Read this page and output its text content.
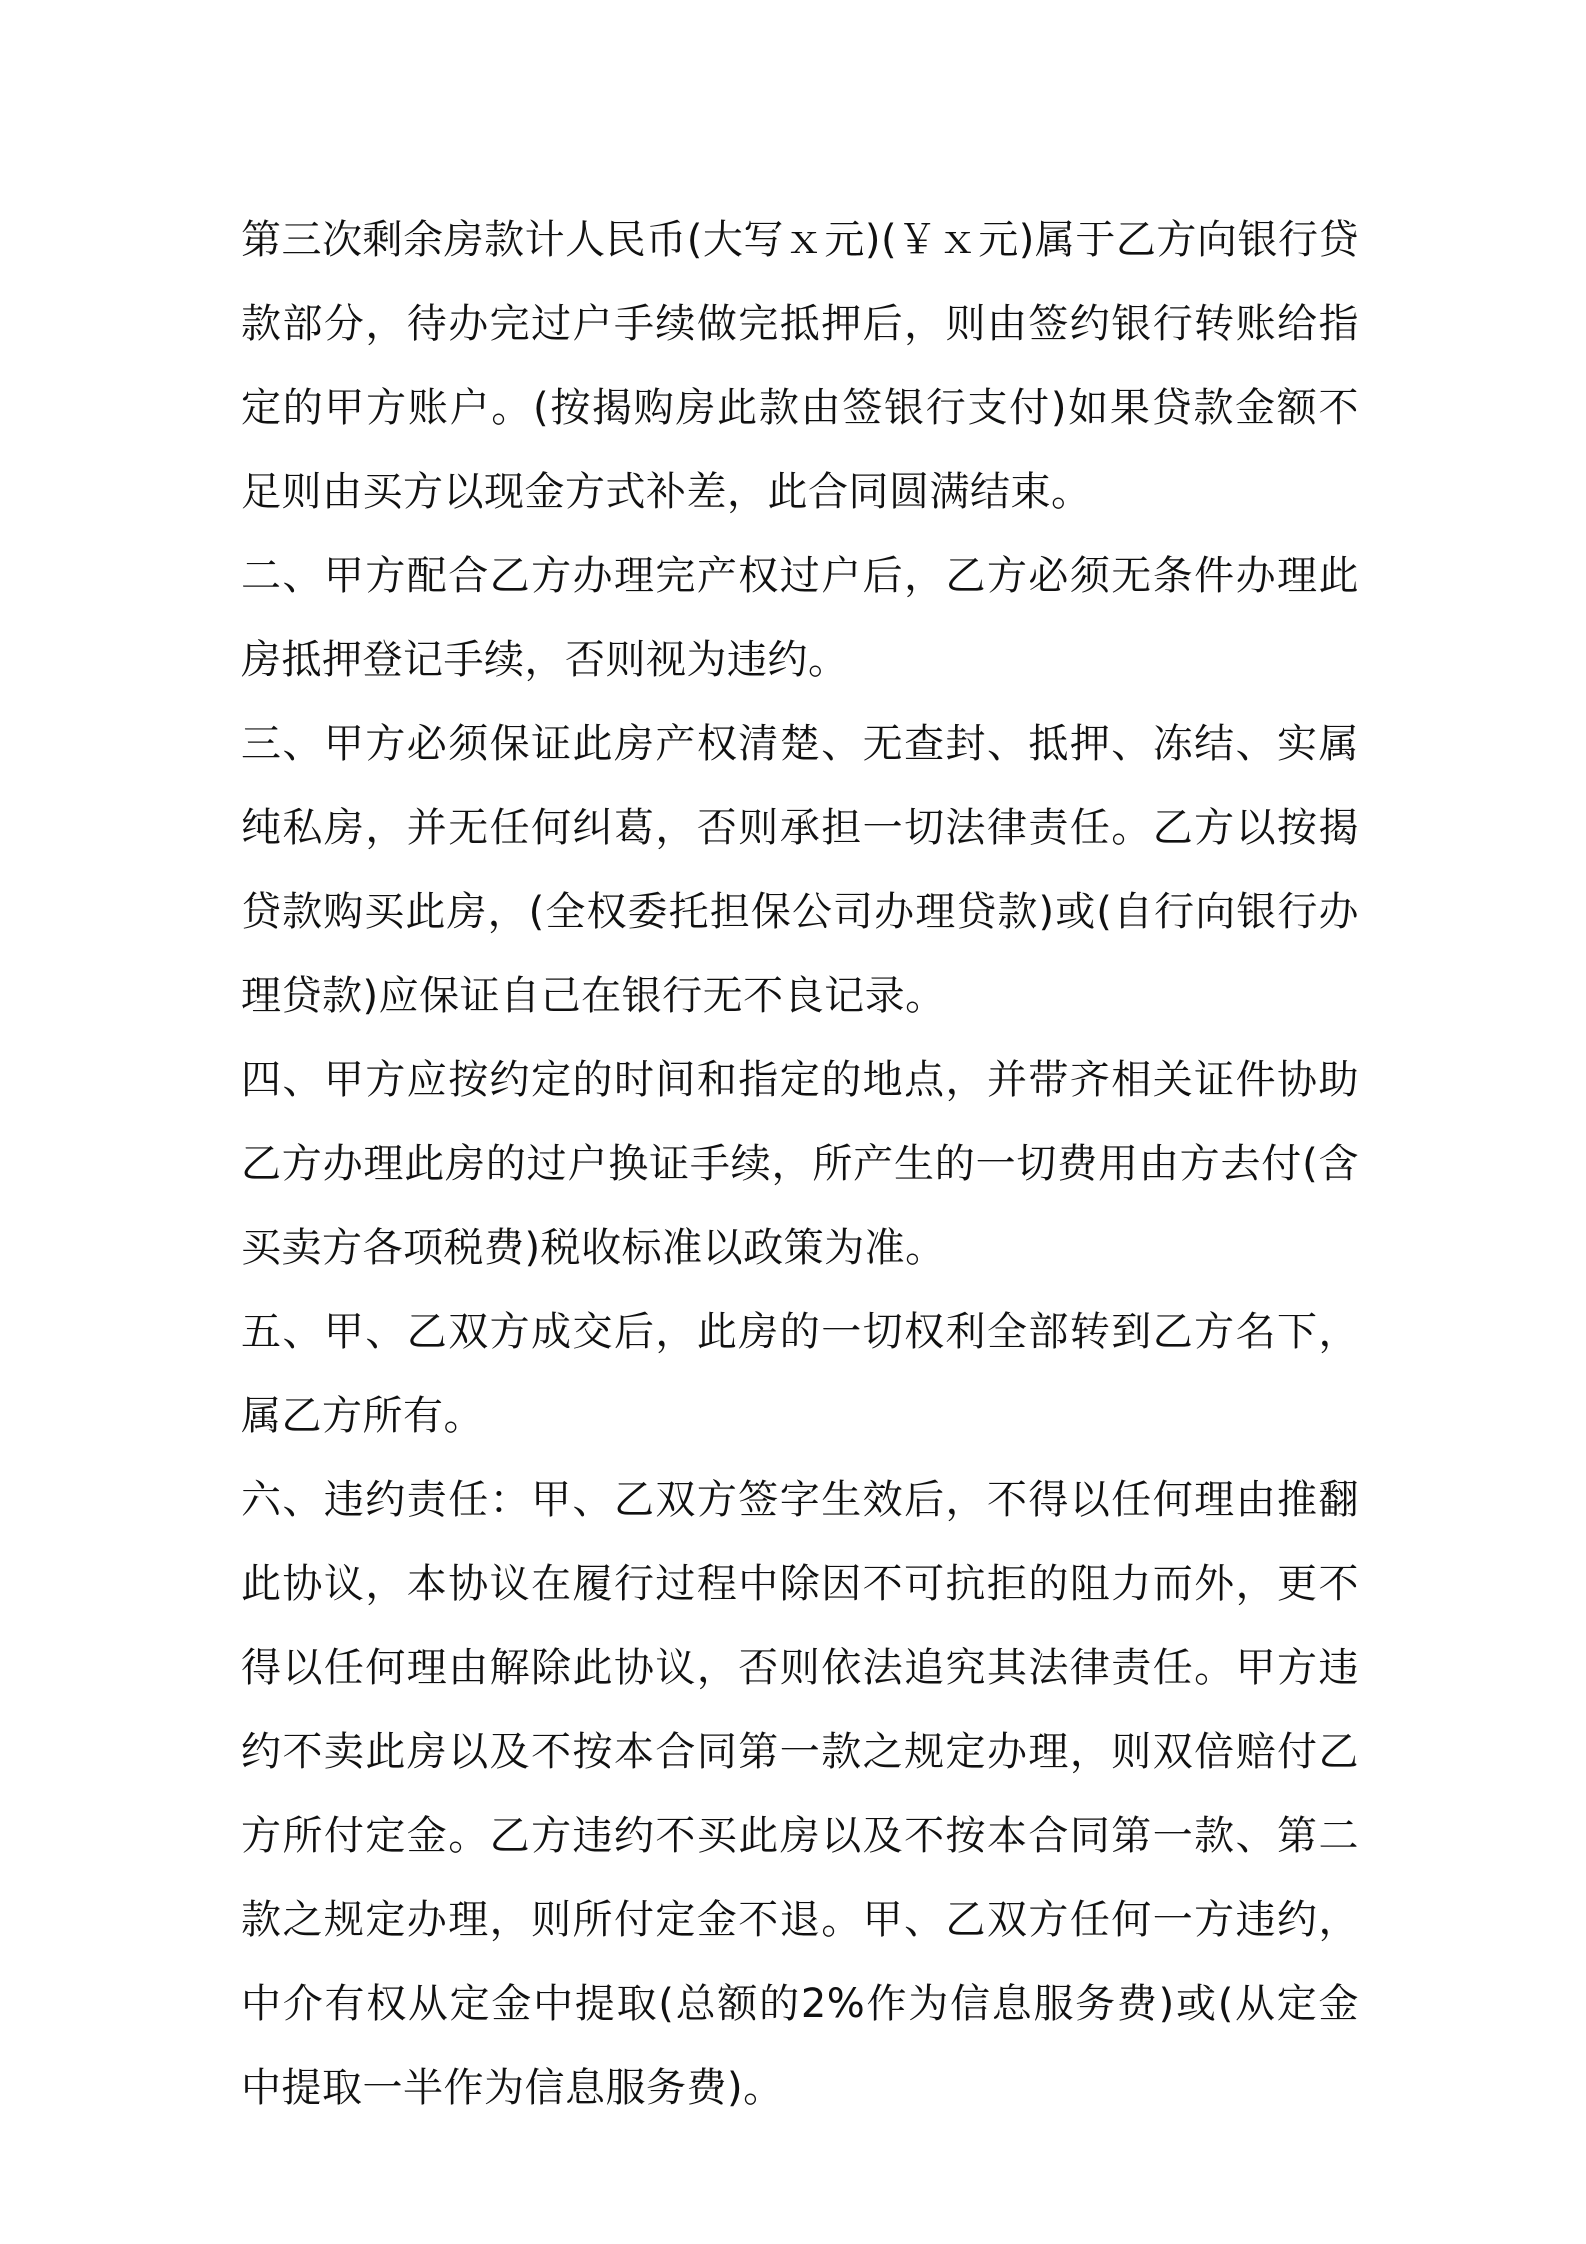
第三次剩余房款计人民币(大写ｘ元)(￥ｘ元)属于乙方向银行贷款部分，待办完过户手续做完抵押后，则由签约银行转账给指定的甲方账户。(按揭购房此款由签银行支付)如果贷款金额不足则由买方以现金方式补差，此合同圆满结束。

二、甲方配合乙方办理完产权过户后，乙方必须无条件办理此房抵押登记手续，否则视为违约。

三、甲方必须保证此房产权清楚、无查封、抵押、冻结、实属纯私房，并无任何纠葛，否则承担一切法律责任。乙方以按揭贷款购买此房，(全权委托担保公司办理贷款)或(自行向银行办理贷款)应保证自己在银行无不良记录。

四、甲方应按约定的时间和指定的地点，并带齐相关证件协助乙方办理此房的过户换证手续，所产生的一切费用由方去付(含买卖方各项税费)税收标准以政策为准。

五、甲、乙双方成交后，此房的一切权利全部转到乙方名下，属乙方所有。

六、违约责任：甲、乙双方签字生效后，不得以任何理由推翻此协议，本协议在履行过程中除因不可抗拒的阻力而外，更不得以任何理由解除此协议，否则依法追究其法律责任。甲方违约不卖此房以及不按本合同第一款之规定办理，则双倍赔付乙方所付定金。乙方违约不买此房以及不按本合同第一款、第二款之规定办理，则所付定金不退。甲、乙双方任何一方违约，中介有权从定金中提取(总额的2%作为信息服务费)或(从定金中提取一半作为信息服务费)。
